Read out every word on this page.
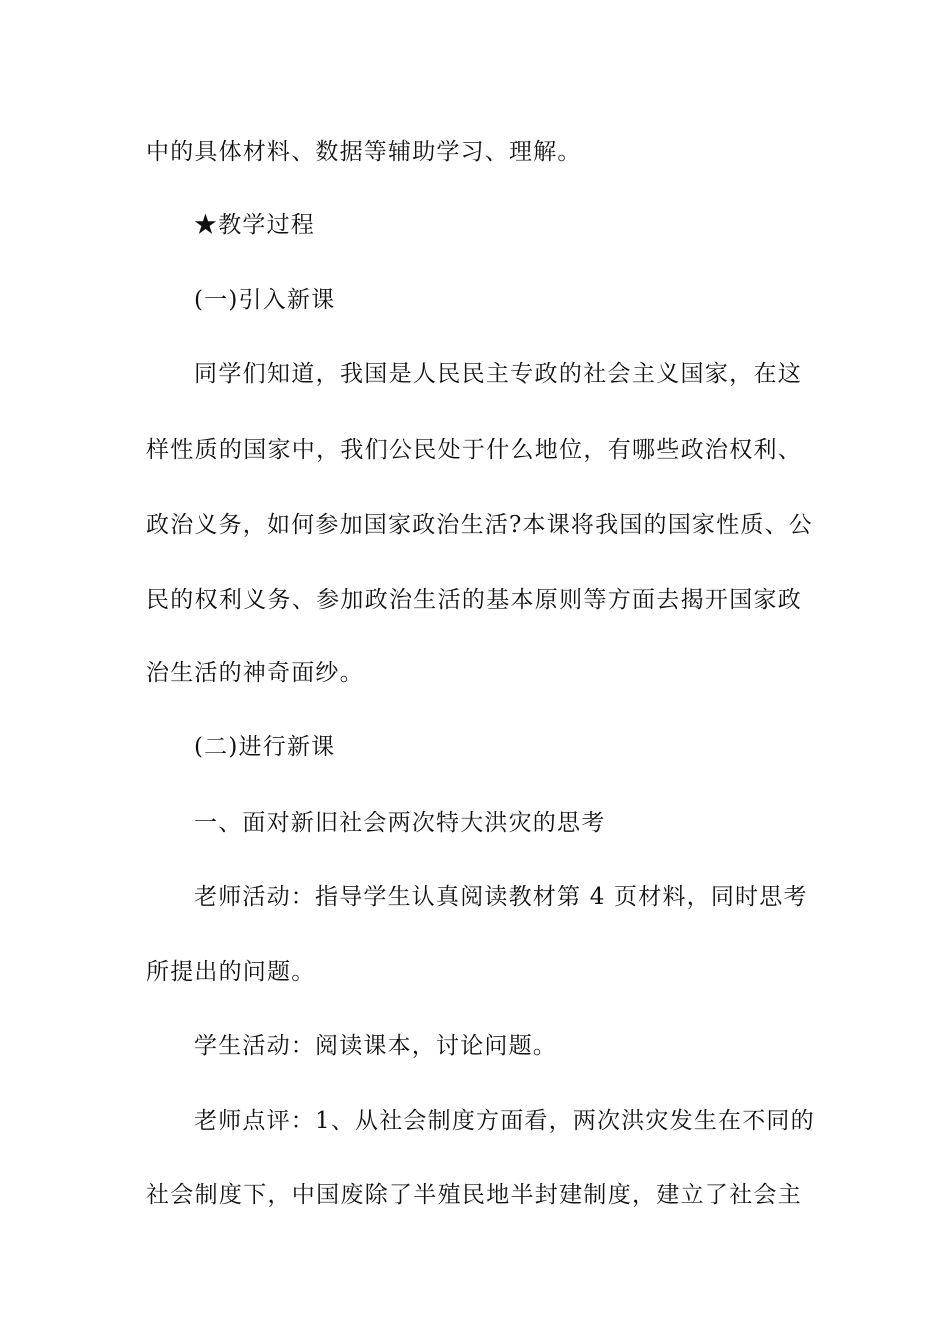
中的具体材料、数据等辅助学习、理解。
★教学过程
(一)引入新课
同学们知道，我国是人民民主专政的社会主义国家，在这
样性质的国家中，我们公民处于什么地位，有哪些政治权利、
政治义务，如何参加国家政治生活?本课将我国的国家性质、公
民的权利义务、参加政治生活的基本原则等方面去揭开国家政
治生活的神奇面纱。
(二)进行新课
一、面对新旧社会两次特大洪灾的思考
老师活动：指导学生认真阅读教材第 4 页材料，同时思考
所提出的问题。
学生活动：阅读课本，讨论问题。
老师点评：1、从社会制度方面看，两次洪灾发生在不同的
社会制度下，中国废除了半殖民地半封建制度，建立了社会主
